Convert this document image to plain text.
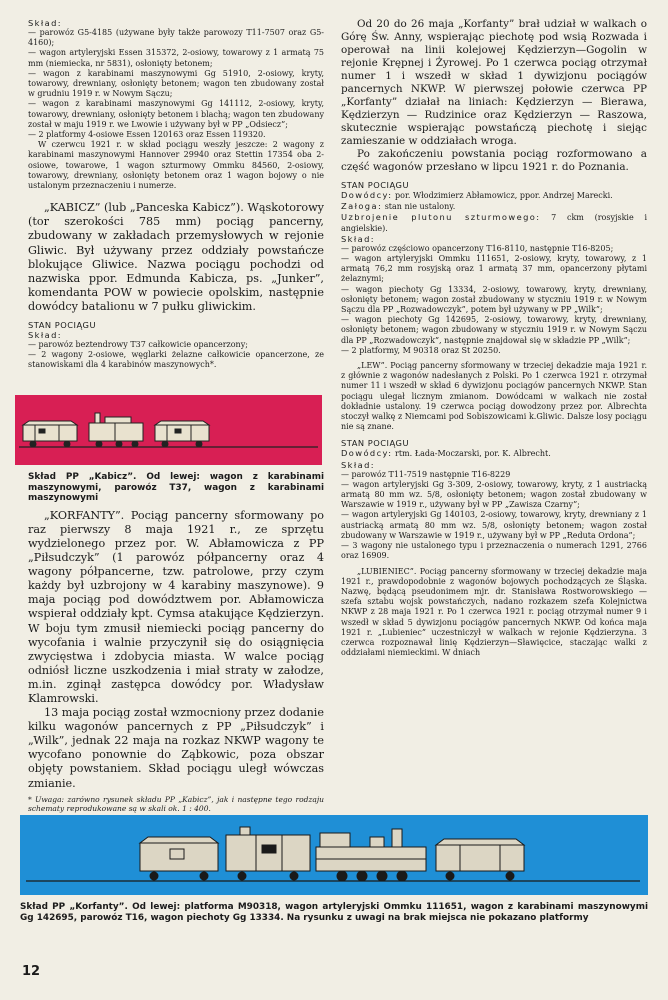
Skład:

— parowóz G5-4185 (używane były także parowozy T11-7507 oraz G5-4160);

— wagon artyleryjski Essen 315372, 2-osiowy, towarowy z 1 armatą 75 mm (niemiecka, nr 5831), osłonięty betonem;

— wagon z karabinami maszynowymi Gg 51910, 2-osiowy, kryty, towarowy, drewniany, osłonięty betonem; wagon ten zbudowany został w grudniu 1919 r. w Nowym Sączu;

— wagon z karabinami maszynowymi Gg 141112, 2-osiowy, kryty, towarowy, drewniany, osłonięty betonem i blachą; wagon ten zbudowany został w maju 1919 r. we Lwowie i używany był w PP „Odsiecz”;

— 2 platformy 4-osiowe Essen 120163 oraz Essen 119320.

W czerwcu 1921 r. w skład pociągu weszły jeszcze: 2 wagony z karabinami maszynowymi Hannover 29940 oraz Stettin 17354 oba 2-osiowe, towarowe, 1 wagon szturmowy Ommku 84560, 2-osiowy, towarowy, drewniany, osłonięty betonem oraz 1 wagon bojowy o nie ustalonym przeznaczeniu i numerze.

„KABICZ” (lub „Panceska Kabicz”). Wąskotorowy (tor szerokości 785 mm) pociąg pancerny, zbudowany w zakładach przemysłowych w rejonie Gliwic. Był używany przez oddziały powstańcze blokujące Gliwice. Nazwa pociągu pochodzi od nazwiska ppor. Edmunda Kabicza, ps. „Junker”, komendanta POW w powiecie opolskim, następnie dowódcy batalionu w 7 pułku gliwickim.

STAN POCIĄGU
Skład:

— parowóz beztendrowy T37 całkowicie opancerzony;

— 2 wagony 2-osiowe, węglarki żelazne całkowicie opancerzone, ze stanowiskami dla 4 karabinów maszynowych*.

Skład PP „Kabicz”. Od lewej: wagon z karabinami maszynowymi, parowóz T37, wagon z karabinami maszynowymi

„KORFANTY”. Pociąg pancerny sformowany po raz pierwszy 8 maja 1921 r., ze sprzętu wydzielonego przez por. W. Abłamowicza z PP „Piłsudczyk” (1 parowóz półpancerny oraz 4 wagony półpancerne, tzw. patrolowe, przy czym każdy był uzbrojony w 4 karabiny maszynowe). 9 maja pociąg pod dowództwem por. Abłamowicza wspierał oddziały kpt. Cymsa atakujące Kędzierzyn. W boju tym zmusił niemiecki pociąg pancerny do wycofania i walnie przyczynił się do osiągnięcia zwycięstwa i zdobycia miasta. W walce pociąg odniósł liczne uszkodzenia i miał straty w załodze, m.in. zginął zastępca dowódcy por. Władysław Klamrowski.

13 maja pociąg został wzmocniony przez dodanie kilku wagonów pancernych z PP „Piłsudczyk” i „Wilk”, jednak 22 maja na rozkaz NKWP wagony te wycofano ponownie do Ząbkowic, poza obszar objęty powstaniem. Skład pociągu uległ wówczas zmianie.

* Uwaga: zarówno rysunek składu PP „Kabicz”, jak i następne tego rodzaju schematy reprodukowane są w skali ok. 1 : 400.

Od 20 do 26 maja „Korfanty” brał udział w walkach o Górę Św. Anny, wspierając piechotę pod wsią Rozwada i operował na linii kolejowej Kędzierzyn—Gogolin w rejonie Krępnej i Żyrowej. Po 1 czerwca pociąg otrzymał numer 1 i wszedł w skład 1 dywizjonu pociągów pancernych NKWP. W pierwszej połowie czerwca PP „Korfanty” działał na liniach: Kędzierzyn — Bierawa, Kędzierzyn — Rudzinice oraz Kędzierzyn — Raszowa, skutecznie wspierając powstańczą piechotę i siejąc zamieszanie w oddziałach wroga.

Po zakończeniu powstania pociąg rozformowano a część wagonów przesłano w lipcu 1921 r. do Poznania.

STAN POCIĄGU

Dowódcy: por. Włodzimierz Abłamowicz, ppor. Andrzej Marecki.

Załoga: stan nie ustalony.

Uzbrojenie plutonu szturmowego: 7 ckm (rosyjskie i angielskie).

Skład:

— parowóz częściowo opancerzony T16-8110, następnie T16-8205;

— wagon artyleryjski Ommku 111651, 2-osiowy, kryty, towarowy, z 1 armatą 76,2 mm rosyjską oraz 1 armatą 37 mm, opancerzony płytami żelaznymi;

— wagon piechoty Gg 13334, 2-osiowy, towarowy, kryty, drewniany, osłonięty betonem; wagon został zbudowany w styczniu 1919 r. w Nowym Sączu dla PP „Rozwadowczyk”, potem był używany w PP „Wilk”;

— wagon piechoty Gg 142695, 2-osiowy, towarowy, kryty, drewniany, osłonięty betonem; wagon zbudowany w styczniu 1919 r. w Nowym Sączu dla PP „Rozwadowczyk”, następnie znajdował się w składzie PP „Wilk”;

— 2 platformy, M 90318 oraz St 20250.

„LEW”. Pociąg pancerny sformowany w trzeciej dekadzie maja 1921 r. z głównie z wagonów nadesłanych z Polski. Po 1 czerwca 1921 r. otrzymał numer 11 i wszedł w skład 6 dywizjonu pociągów pancernych NKWP. Stan pociągu ulegał licznym zmianom. Dowódcami w walkach nie został dokładnie ustalony. 19 czerwca pociąg dowodzony przez por. Albrechta stoczył walkę z Niemcami pod Sobiszowicami k.Gliwic. Dalsze losy pociągu nie są znane.

STAN POCIĄGU

Dowódcy: rtm. Łada-Moczarski, por. K. Albrecht.

Skład:

— parowóz T11-7519 następnie T16-8229

— wagon artyleryjski Gg 3-309, 2-osiowy, towarowy, kryty, z 1 austriacką armatą 80 mm wz. 5/8, osłonięty betonem; wagon został zbudowany w Warszawie w 1919 r., używany był w PP „Zawisza Czarny”;

— wagon artyleryjski Gg 140103, 2-osiowy, towarowy, kryty, drewniany z 1 austriacką armatą 80 mm wz. 5/8, osłonięty betonem; wagon został zbudowany w Warszawie w 1919 r., używany był w PP „Reduta Ordona”;

— 3 wagony nie ustalonego typu i przeznaczenia o numerach 1291, 2766 oraz 16909.

„LUBIENIEC”. Pociąg pancerny sformowany w trzeciej dekadzie maja 1921 r., prawdopodobnie z wagonów bojowych pochodzących ze Śląska. Nazwę, będącą pseudonimem mjr. dr. Stanisława Rostworowskiego — szefa sztabu wojsk powstańczych, nadano rozkazem szefa Kolejnictwa NKWP z 28 maja 1921 r. Po 1 czerwca 1921 r. pociąg otrzymał numer 9 i wszedł w skład 5 dywizjonu pociągów pancernych NKWP. Od końca maja 1921 r. „Lubieniec” uczestniczył w walkach w rejonie Kędzierzyna. 3 czerwca rozpoznawał linię Kędzierzyn—Sławięcice, staczając walki z oddziałami niemieckimi. W dniach

Skład PP „Korfanty”. Od lewej: platforma M90318, wagon artyleryjski Ommku 111651, wagon z karabinami maszynowymi Gg 142695, parowóz T16, wagon piechoty Gg 13334. Na rysunku z uwagi na brak miejsca nie pokazano platformy

12
